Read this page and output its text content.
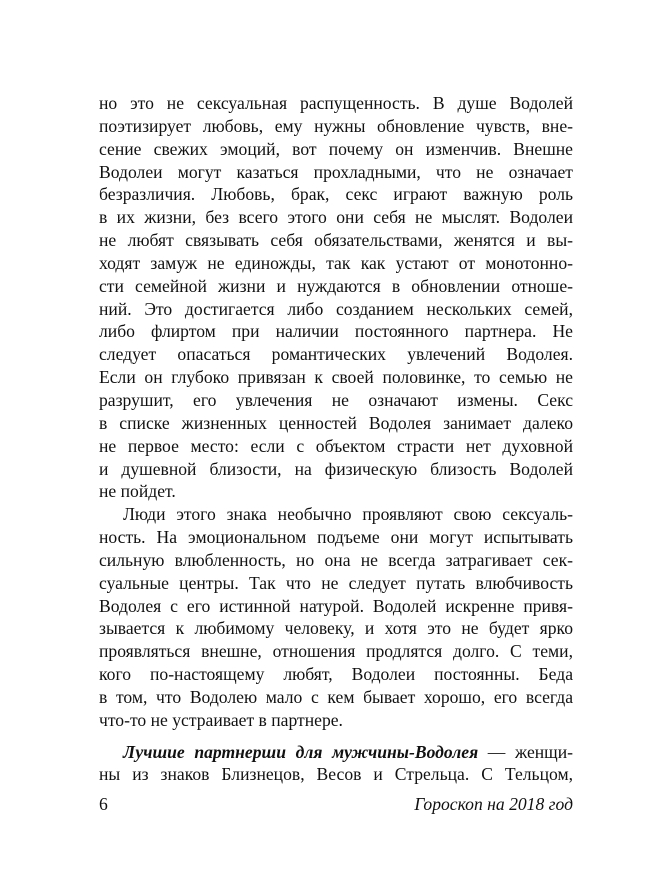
но это не сексуальная распущенность. В душе Водолей
поэтизирует любовь, ему нужны обновление чувств, вне-
сение свежих эмоций, вот почему он изменчив. Внешне
Водолеи могут казаться прохладными, что не означает
безразличия. Любовь, брак, секс играют важную роль
в их жизни, без всего этого они себя не мыслят. Водолеи
не любят связывать себя обязательствами, женятся и вы-
ходят замуж не единожды, так как устают от монотонно-
сти семейной жизни и нуждаются в обновлении отноше-
ний. Это достигается либо созданием нескольких семей,
либо флиртом при наличии постоянного партнера. Не
следует опасаться романтических увлечений Водолея.
Если он глубоко привязан к своей половинке, то семью не
разрушит, его увлечения не означают измены. Секс
в списке жизненных ценностей Водолея занимает далеко
не первое место: если с объектом страсти нет духовной
и душевной близости, на физическую близость Водолей
не пойдет.
Люди этого знака необычно проявляют свою сексуаль-
ность. На эмоциональном подъеме они могут испытывать
сильную влюбленность, но она не всегда затрагивает сек-
суальные центры. Так что не следует путать влюбчивость
Водолея с его истинной натурой. Водолей искренне привя-
зывается к любимому человеку, и хотя это не будет ярко
проявляться внешне, отношения продлятся долго. С теми,
кого по-настоящему любят, Водолеи постоянны. Беда
в том, что Водолею мало с кем бывает хорошо, его всегда
что-то не устраивает в партнере.
Лучшие партнерши для мужчины-Водолея — женщи-
ны из знаков Близнецов, Весов и Стрельца. С Тельцом,
6	Гороскоп на 2018 год
